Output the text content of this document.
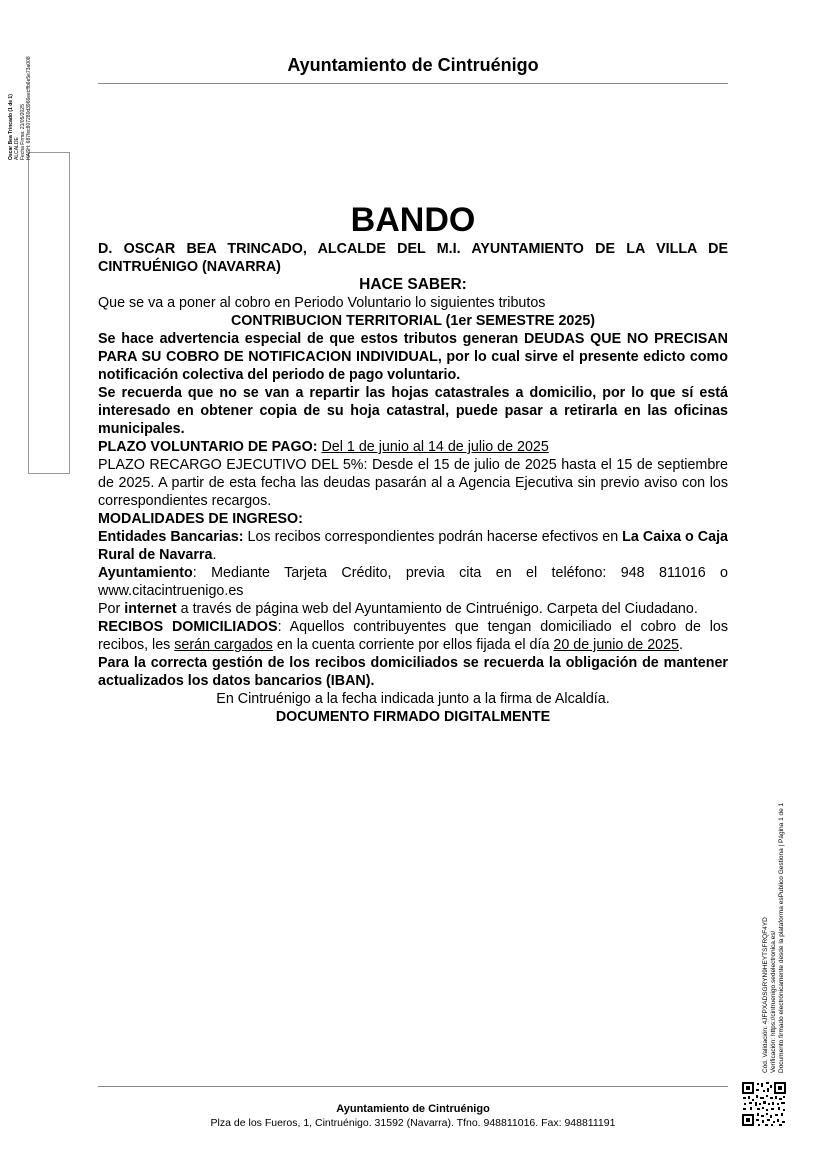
Ayuntamiento de Cintruénigo
Oscar Bea Trincado (1 de 1) ALCALDE Fecha Firma: 21/05/2025 HASH: 687fec807280d3966eecffb6e5e73a008

BANDO

D. OSCAR BEA TRINCADO, ALCALDE DEL M.I. AYUNTAMIENTO DE LA VILLA DE CINTRUÉNIGO (NAVARRA)

HACE SABER:

Que se va a poner al cobro en Periodo Voluntario lo siguientes tributos

CONTRIBUCION TERRITORIAL (1er SEMESTRE 2025)

Se hace advertencia especial de que estos tributos generan DEUDAS QUE NO PRECISAN PARA SU COBRO DE NOTIFICACION INDIVIDUAL, por lo cual sirve el presente edicto como notificación colectiva del periodo de pago voluntario.

Se recuerda que no se van a repartir las hojas catastrales a domicilio, por lo que sí está interesado en obtener copia de su hoja catastral, puede pasar a retirarla en las oficinas municipales.

PLAZO VOLUNTARIO DE PAGO: Del 1 de junio al 14 de julio de 2025

PLAZO RECARGO EJECUTIVO DEL 5%: Desde el 15 de julio de 2025 hasta el 15 de septiembre de 2025. A partir de esta fecha las deudas pasarán al a Agencia Ejecutiva sin previo aviso con los correspondientes recargos.

MODALIDADES DE INGRESO:

Entidades Bancarias: Los recibos correspondientes podrán hacerse efectivos en La Caixa o Caja Rural de Navarra.

Ayuntamiento: Mediante Tarjeta Crédito, previa cita en el teléfono: 948 811016 o www.citacintruenigo.es

Por internet a través de página web del Ayuntamiento de Cintruénigo. Carpeta del Ciudadano.

RECIBOS DOMICILIADOS: Aquellos contribuyentes que tengan domiciliado el cobro de los recibos, les serán cargados en la cuenta corriente por ellos fijada el día 20 de junio de 2025.

Para la correcta gestión de los recibos domiciliados se recuerda la obligación de mantener actualizados los datos bancarios (IBAN).

En Cintruénigo a la fecha indicada junto a la firma de Alcaldía.

DOCUMENTO FIRMADO DIGITALMENTE

Cód. Validación: 4JFPXADSGRYN9HEYTSFRQF4YD Verificación: https://cintruenigo.sedelectronica.es/ Documento firmado electrónicamente desde la plataforma esPublico Gestiona | Página 1 de 1
Ayuntamiento de Cintruénigo
Plza de los Fueros, 1, Cintruénigo. 31592 (Navarra). Tfno. 948811016. Fax: 948811191
